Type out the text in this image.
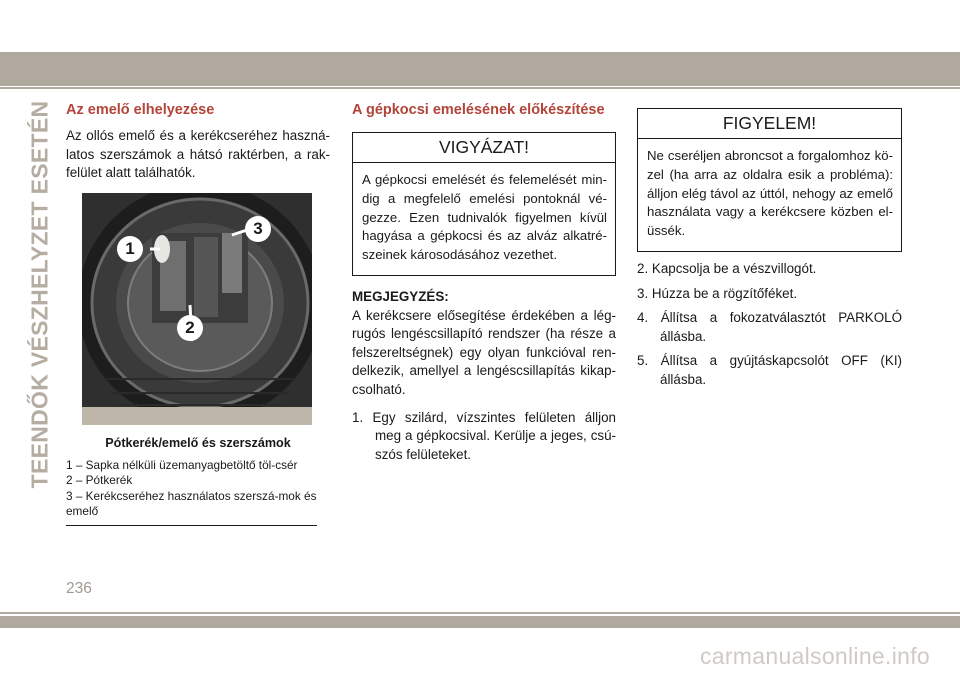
TEENDŐK VÉSZHELYZET ESETÉN Az emelő elhelyezése

Az ollós emelő és a kerékcseréhez haszná-latos szerszámok a hátsó raktérben, a rak-felület alatt találhatók.

1
2
3
Pótkerék/emelő és szerszámok

1 – Sapka nélküli üzemanyagbetöltő töl-csér

2 – Pótkerék

3 – Kerékcseréhez használatos szerszá-mok és emelő

A gépkocsi emelésének előkészítése
VIGYÁZAT!
A gépkocsi emelését és felemelését min-dig a megfelelő emelési pontoknál vé-gezze. Ezen tudnivalók figyelmen kívül hagyása a gépkocsi és az alváz alkatré-szeinek károsodásához vezethet.

MEGJEGYZÉS:

A kerékcsere elősegítése érdekében a lég-rugós lengéscsillapító rendszer (ha része a felszereltségnek) egy olyan funkcióval ren-delkezik, amellyel a lengéscsillapítás kikap-csolható.

1. Egy szilárd, vízszintes felületen álljon meg a gépkocsival. Kerülje a jeges, csú-szós felületeket.

FIGYELEM!
Ne cseréljen abroncsot a forgalomhoz kö-zel (ha arra az oldalra esik a probléma): álljon elég távol az úttól, nehogy az emelő használata vagy a kerékcsere közben el-üssék.

2. Kapcsolja be a vészvillogót.

3. Húzza be a rögzítőféket.

4. Állítsa a fokozatválasztót PARKOLÓ állásba.

5. Állítsa a gyújtáskapcsolót OFF (KI) állásba.

236
carmanualsonline.info
